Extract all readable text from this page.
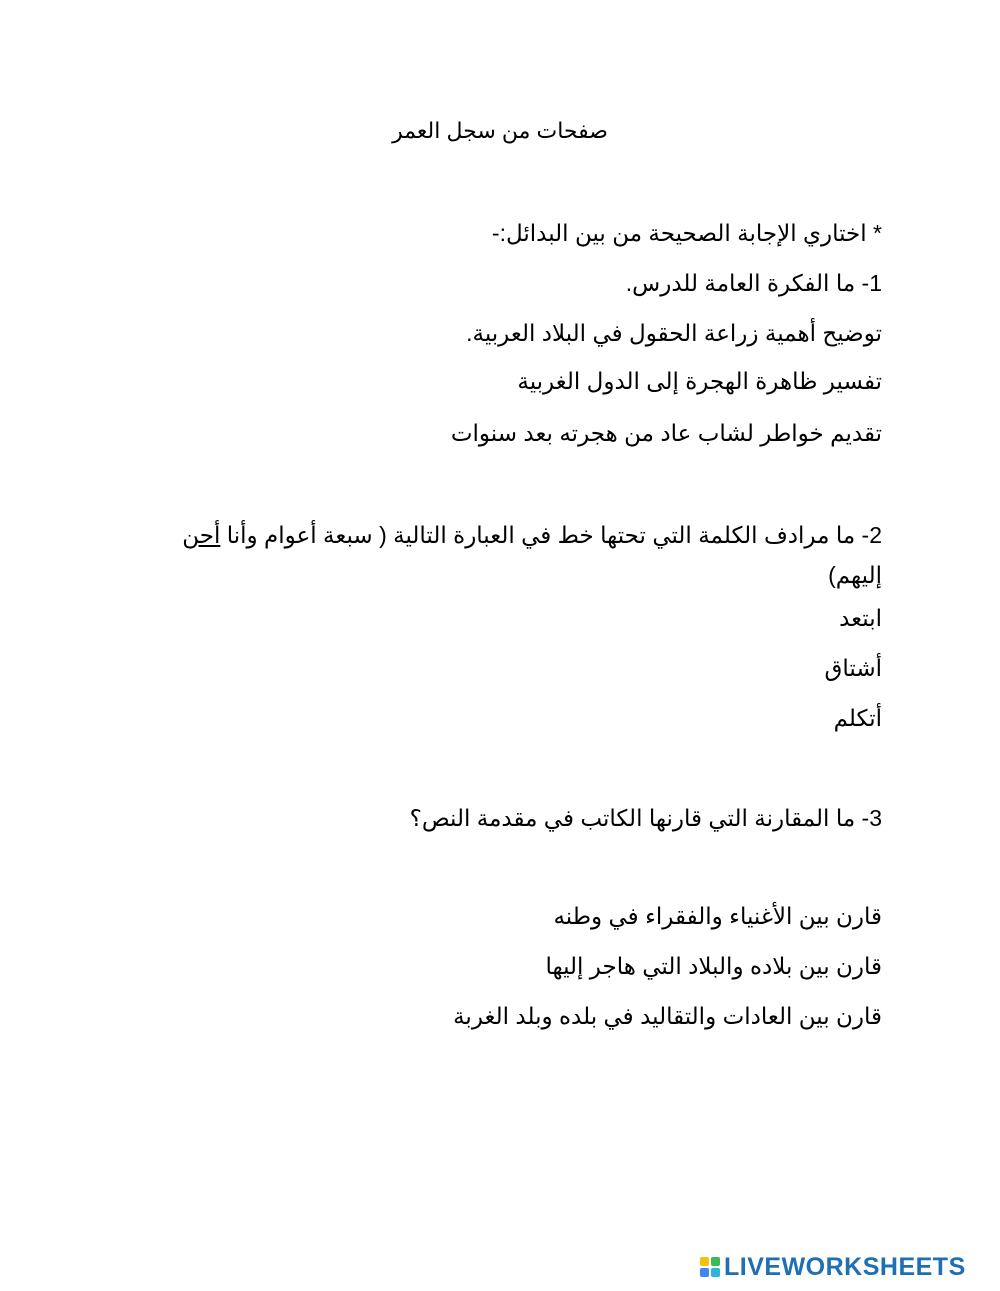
صفحات من سجل العمر
* اختاري الإجابة الصحيحة من بين البدائل:-
1- ما الفكرة العامة للدرس.
توضيح أهمية زراعة الحقول في البلاد العربية.
تفسير ظاهرة الهجرة إلى الدول الغربية
تقديم خواطر لشاب عاد من هجرته بعد سنوات
2- ما مرادف الكلمة التي تحتها خط في العبارة التالية ( سبعة أعوام وأنا أحن إليهم)
ابتعد
أشتاق
أتكلم
3- ما المقارنة التي قارنها الكاتب في مقدمة النص؟
قارن بين الأغنياء والفقراء في وطنه
قارن بين بلاده والبلاد التي هاجر إليها
قارن بين العادات والتقاليد في بلده وبلد الغربة
LIVEWORKSHEETS
